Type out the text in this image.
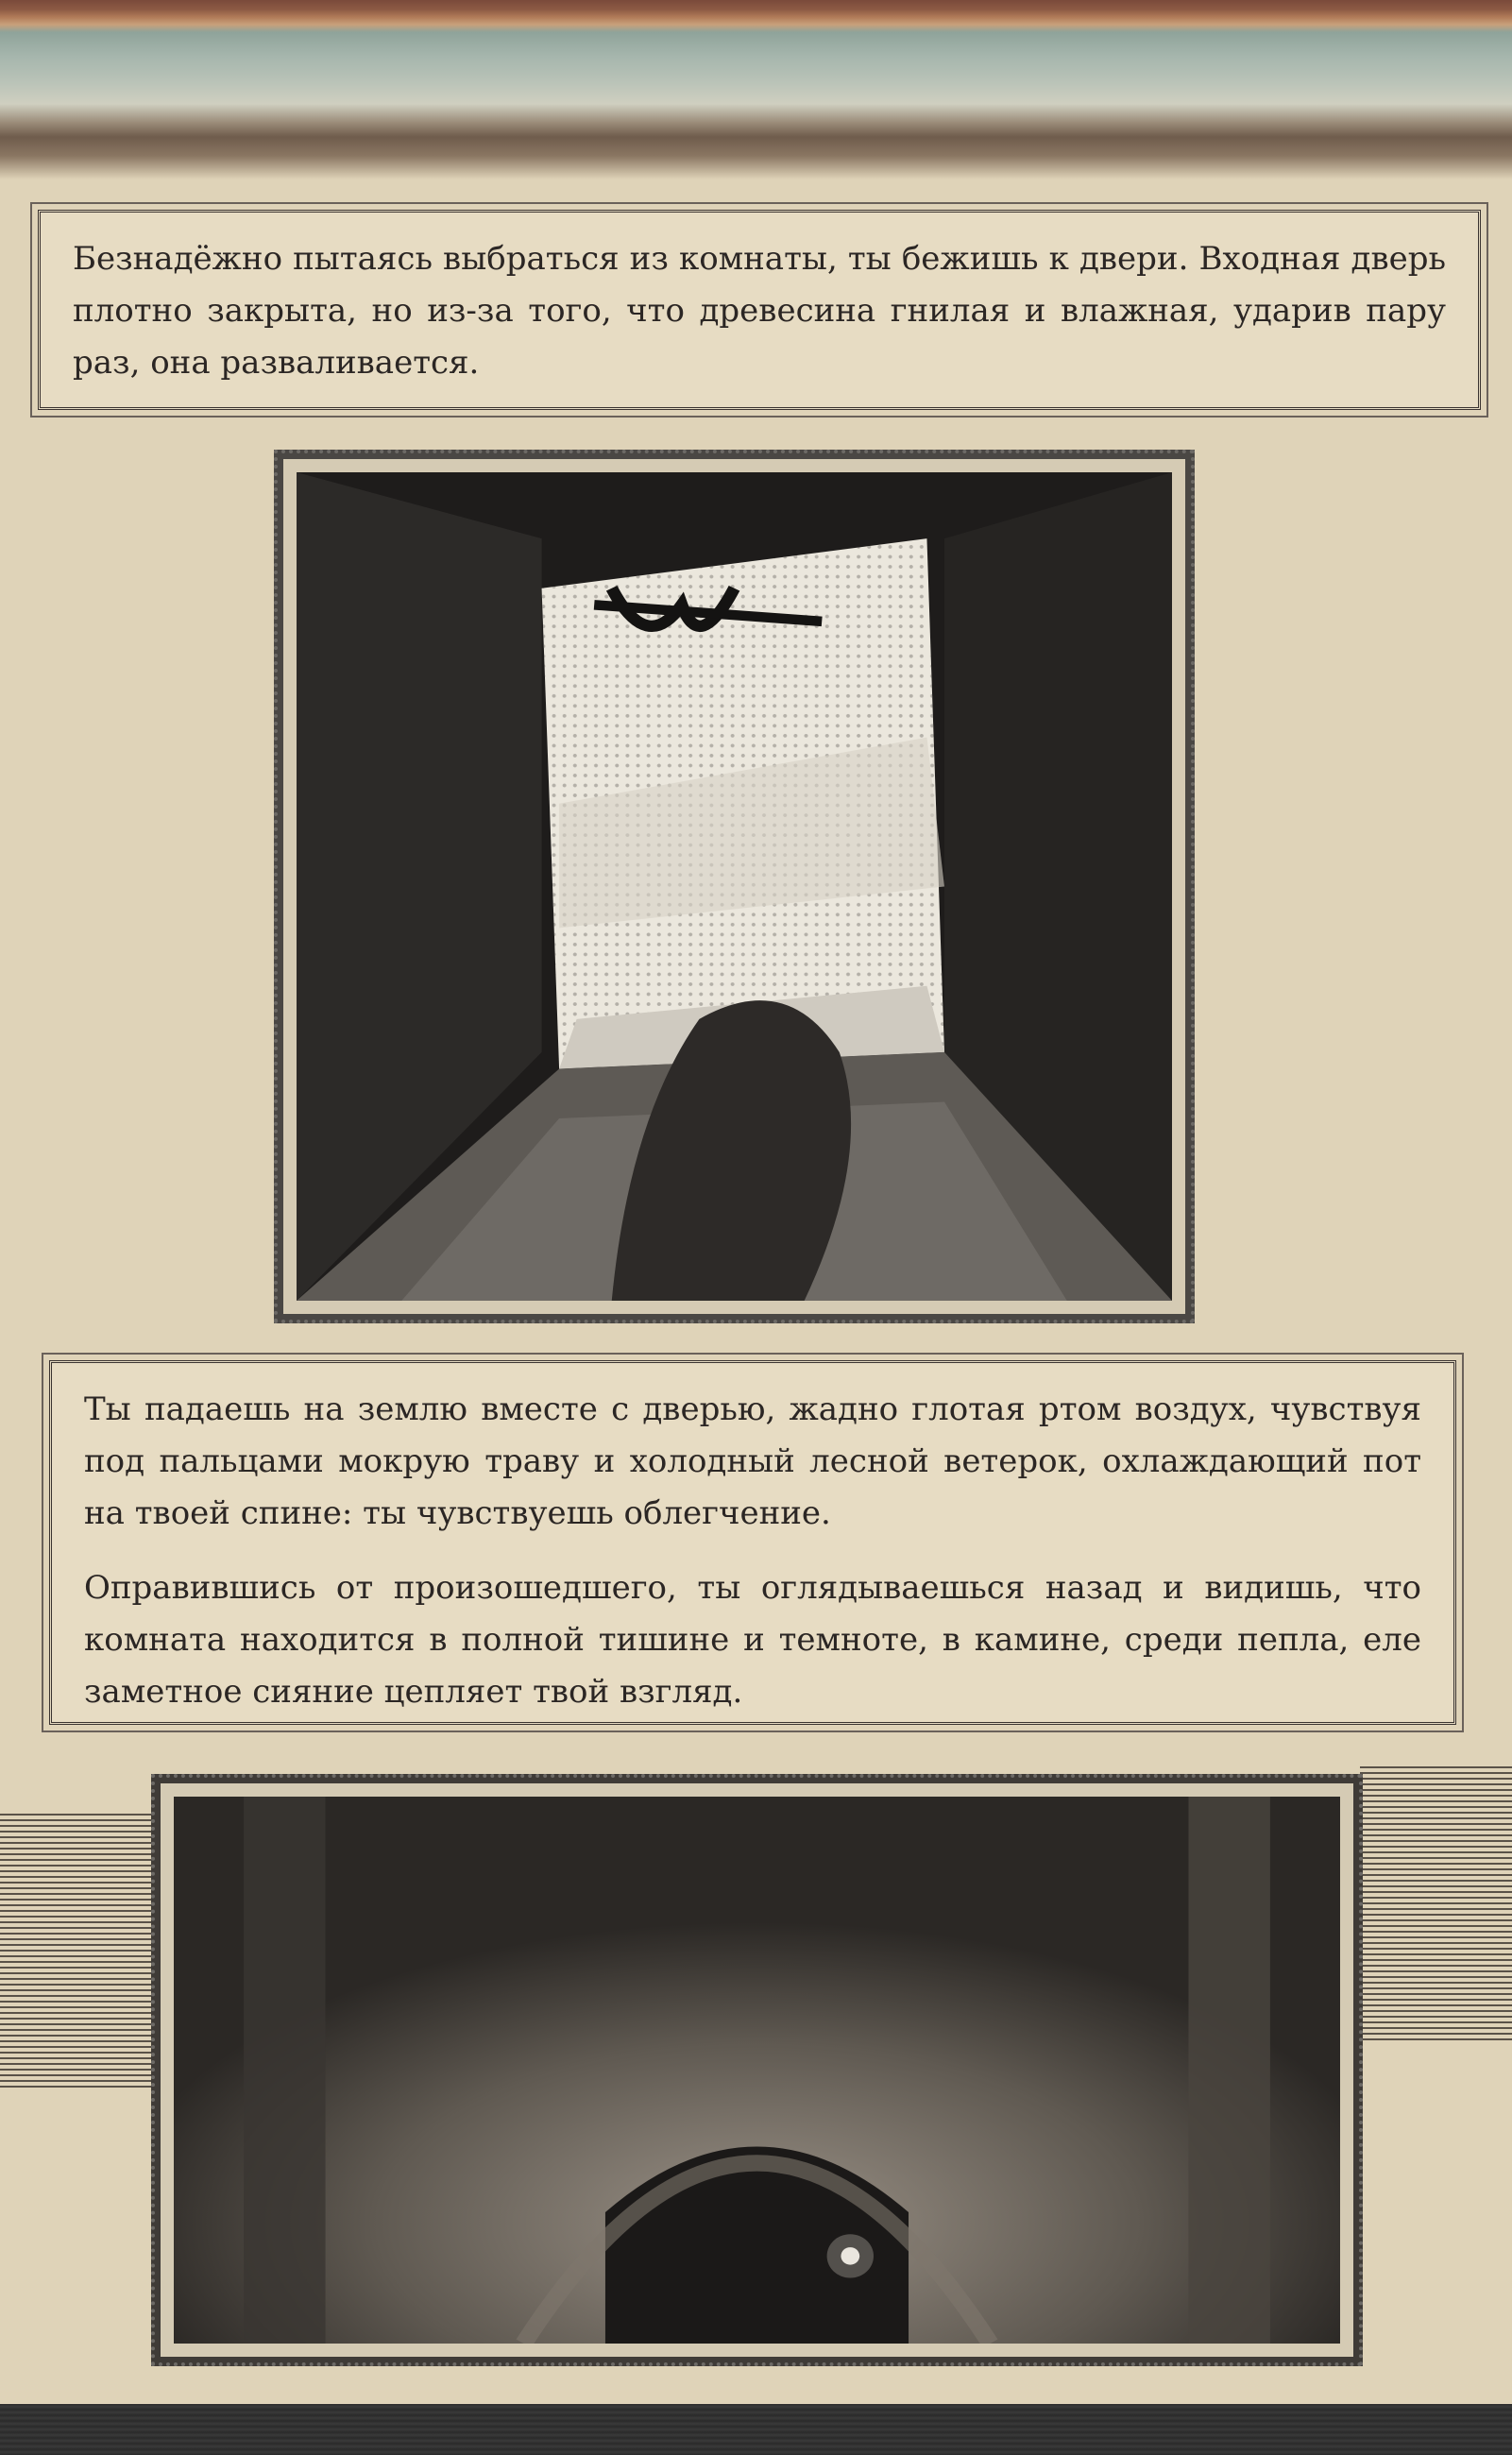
Безнадёжно пытаясь выбраться из комнаты, ты бежишь к двери. Входная дверь плотно закрыта, но из-за того, что древесина гнилая и влажная, ударив пару раз, она разваливается.

Ты падаешь на землю вместе с дверью, жадно глотая ртом воздух, чувствуя под пальцами мокрую траву и холодный лесной ветерок, охлаждающий пот на твоей спине: ты чувствуешь облегчение.

Оправившись от произошедшего, ты оглядываешься назад и видишь, что комната находится в полной тишине и темноте, в камине, среди пепла, еле заметное сияние цепляет твой взгляд.
